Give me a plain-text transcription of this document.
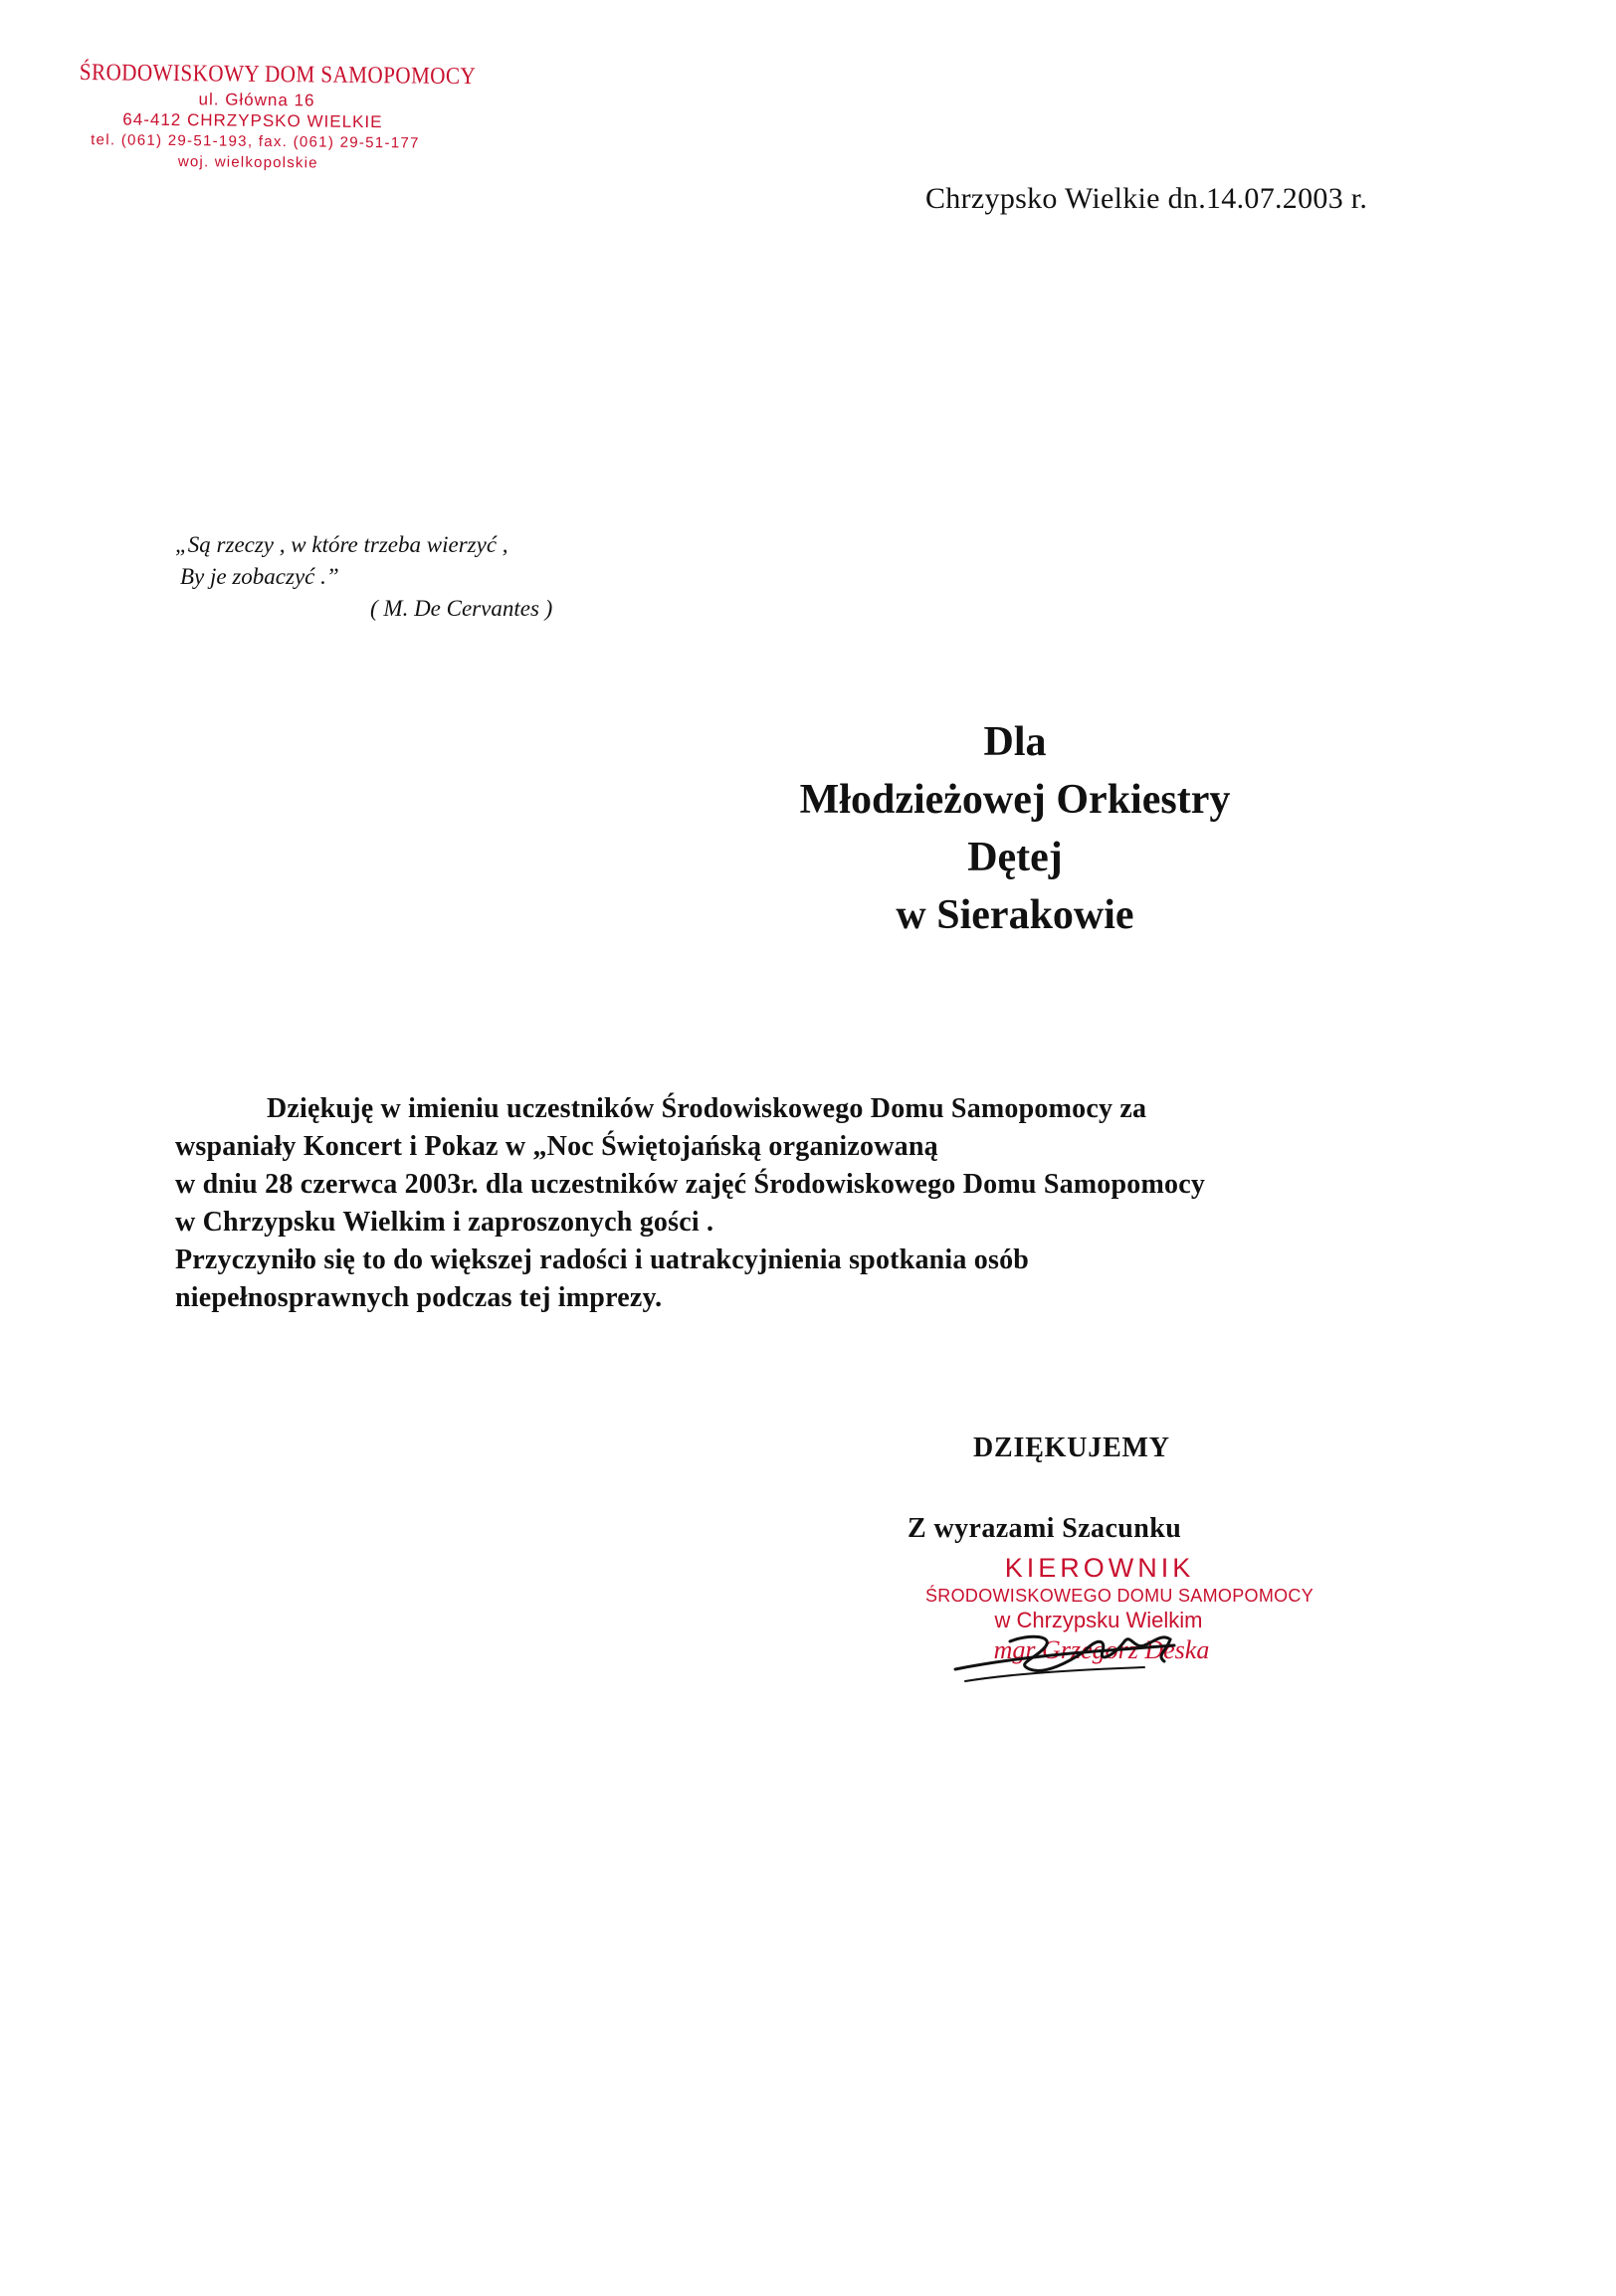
ŚRODOWISKOWY DOM SAMOPOMOCY
ul. Główna 16
64-412 CHRZYPSKO WIELKIE
tel. (061) 29-51-193, fax. (061) 29-51-177
woj. wielkopolskie
Chrzypsko Wielkie dn.14.07.2003 r.
„Są rzeczy , w które trzeba wierzyć ,
By je zobaczyć .”
( M. De Cervantes )
Dla
Młodzieżowej Orkiestry
Dętej
w Sierakowie
Dziękuję w imieniu uczestników Środowiskowego Domu Samopomocy za
wspaniały Koncert i Pokaz w „Noc Świętojańską organizowaną
w dniu 28 czerwca 2003r. dla uczestników zajęć Środowiskowego Domu Samopomocy
w Chrzypsku Wielkim i zaproszonych gości .
Przyczyniło się to do większej radości i uatrakcyjnienia spotkania osób
niepełnosprawnych podczas tej imprezy.
DZIĘKUJEMY
Z wyrazami Szacunku
KIEROWNIK
ŚRODOWISKOWEGO DOMU SAMOPOMOCY
w Chrzypsku Wielkim
mgr Grzegorz Deska
